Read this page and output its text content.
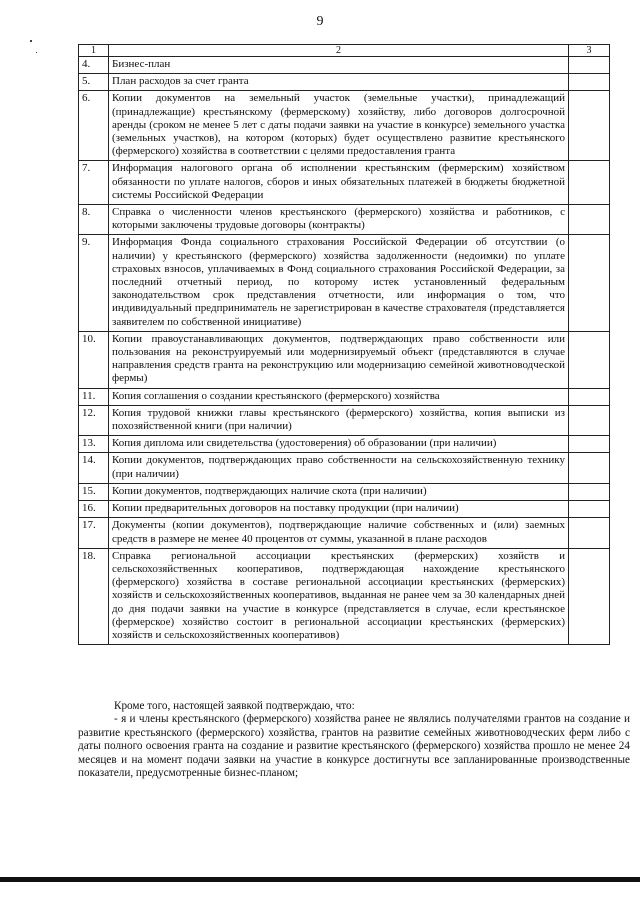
9
1	2	3
4.	Бизнес-план	
5.	План расходов за счет гранта	
6.	Копии документов на земельный участок (земельные участки), принадлежащий (принадлежащие) крестьянскому (фермерскому) хозяйству, либо договоров долгосрочной аренды (сроком не менее 5 лет с даты подачи заявки на участие в конкурсе) земельного участка (земельных участков), на котором (которых) будет осуществлено развитие крестьянского (фермерского) хозяйства в соответствии с целями предоставления гранта	
7.	Информация налогового органа об исполнении крестьянским (фермерским) хозяйством обязанности по уплате налогов, сборов и иных обязательных платежей в бюджеты бюджетной системы Российской Федерации	
8.	Справка о численности членов крестьянского (фермерского) хозяйства и работников, с которыми заключены трудовые договоры (контракты)	
9.	Информация Фонда социального страхования Российской Федерации об отсутствии (о наличии) у крестьянского (фермерского) хозяйства задолженности (недоимки) по уплате страховых взносов, уплачиваемых в Фонд социального страхования Российской Федерации, за последний отчетный период, по которому истек установленный федеральным законодательством срок представления отчетности, или информация о том, что индивидуальный предприниматель не зарегистрирован в качестве страхователя (представляется заявителем по собственной инициативе)	
10.	Копии правоустанавливающих документов, подтверждающих право собственности или пользования на реконструируемый или модернизируемый объект (представляются в случае направления средств гранта на реконструкцию или модернизацию семейной животноводческой фермы)	
11.	Копия соглашения о создании крестьянского (фермерского) хозяйства	
12.	Копия трудовой книжки главы крестьянского (фермерского) хозяйства, копия выписки из похозяйственной книги (при наличии)	
13.	Копия диплома или свидетельства (удостоверения) об образовании (при наличии)	
14.	Копии документов, подтверждающих право собственности на сельскохозяйственную технику (при наличии)	
15.	Копии документов, подтверждающих наличие скота (при наличии)	
16.	Копии предварительных договоров на поставку продукции (при наличии)	
17.	Документы (копии документов), подтверждающие наличие собственных и (или) заемных средств в размере не менее 40 процентов от суммы, указанной в плане расходов	
18.	Справка региональной ассоциации крестьянских (фермерских) хозяйств и сельскохозяйственных кооперативов, подтверждающая нахождение крестьянского (фермерского) хозяйства в составе региональной ассоциации крестьянских (фермерских) хозяйств и сельскохозяйственных кооперативов, выданная не ранее чем за 30 календарных дней до дня подачи заявки на участие в конкурсе (представляется в случае, если крестьянское (фермерское) хозяйство состоит в региональной ассоциации крестьянских (фермерских) хозяйств и сельскохозяйственных кооперативов)	

Кроме того, настоящей заявкой подтверждаю, что:

- я и члены крестьянского (фермерского) хозяйства ранее не являлись получателями грантов на создание и развитие крестьянского (фермерского) хозяйства, грантов на развитие семейных животноводческих ферм либо с даты полного освоения гранта на создание и развитие крестьянского (фермерского) хозяйства прошло не менее 24 месяцев и на момент подачи заявки на участие в конкурсе достигнуты все запланированные производственные показатели, предусмотренные бизнес-планом;
